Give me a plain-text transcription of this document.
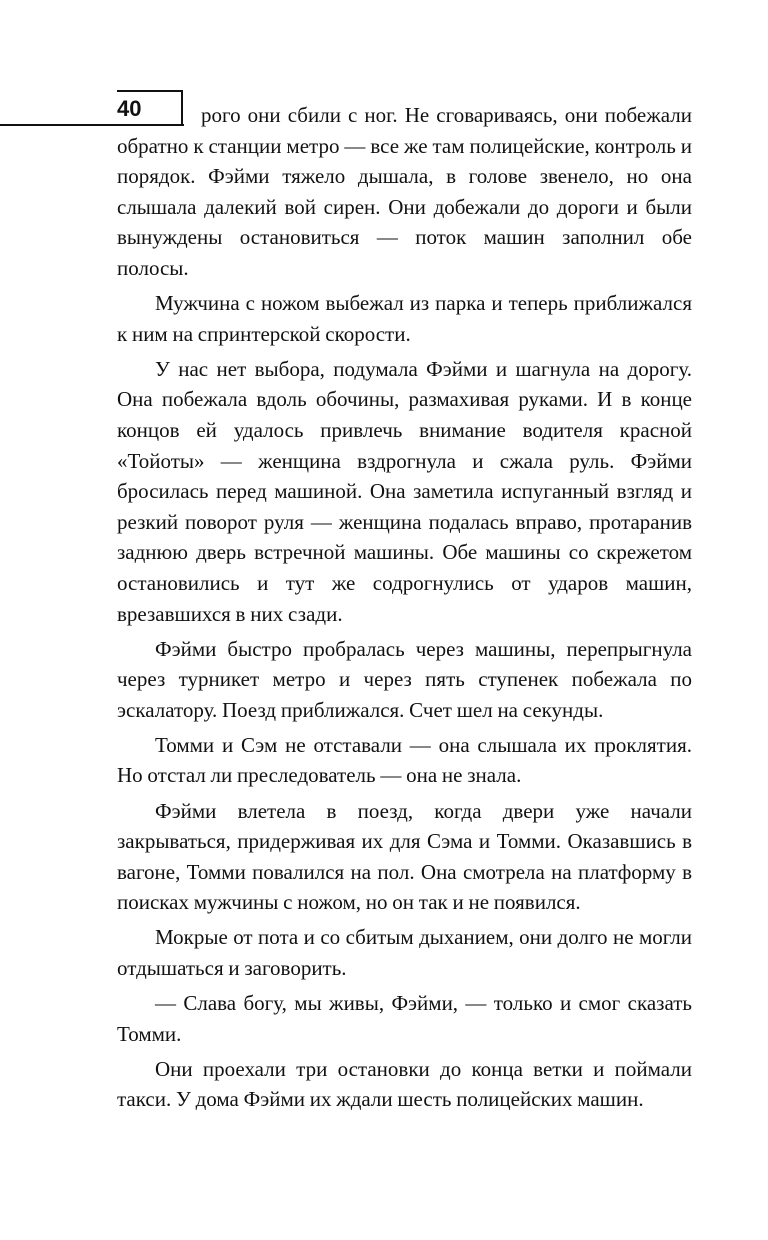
40	рого они сбили с ног. Не сговариваясь, они побежали обратно к станции метро — все же там полицейские, контроль и порядок. Фэйми тяжело дышала, в голове звенело, но она слышала далекий вой сирен. Они добежали до дороги и были вынуждены остановиться — поток машин заполнил обе полосы.

Мужчина с ножом выбежал из парка и теперь приближался к ним на спринтерской скорости.

У нас нет выбора, подумала Фэйми и шагнула на дорогу. Она побежала вдоль обочины, размахивая руками. И в конце концов ей удалось привлечь внимание водителя красной «Тойоты» — женщина вздрогнула и сжала руль. Фэйми бросилась перед машиной. Она заметила испуганный взгляд и резкий поворот руля — женщина подалась вправо, протаранив заднюю дверь встречной машины. Обе машины со скрежетом остановились и тут же содрогнулись от ударов машин, врезавшихся в них сзади.

Фэйми быстро пробралась через машины, перепрыгнула через турникет метро и через пять ступенек побежала по эскалатору. Поезд приближался. Счет шел на секунды.

Томми и Сэм не отставали — она слышала их проклятия. Но отстал ли преследователь — она не знала.

Фэйми влетела в поезд, когда двери уже начали закрываться, придерживая их для Сэма и Томми. Оказавшись в вагоне, Томми повалился на пол. Она смотрела на платформу в поисках мужчины с ножом, но он так и не появился.

Мокрые от пота и со сбитым дыханием, они долго не могли отдышаться и заговорить.

— Слава богу, мы живы, Фэйми, — только и смог сказать Томми.

Они проехали три остановки до конца ветки и поймали такси. У дома Фэйми их ждали шесть полицейских машин.
